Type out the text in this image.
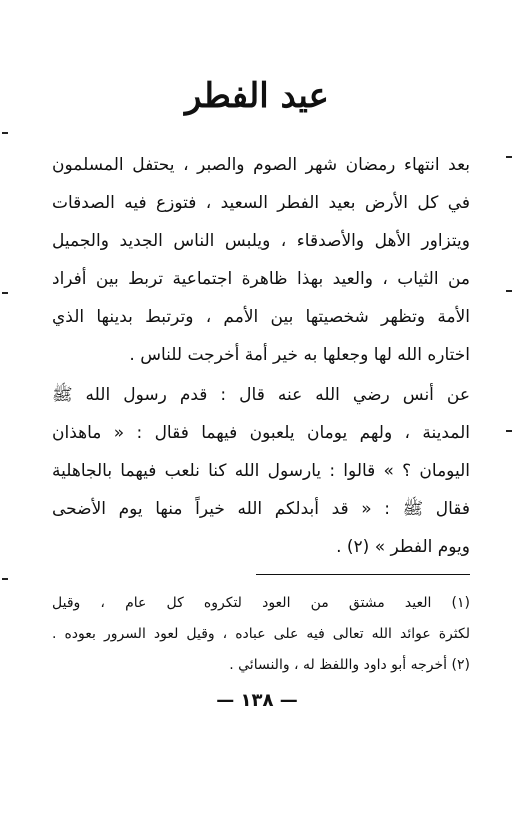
عيد الفطر
بعد انتهاء رمضان شهر الصوم والصبر ، يحتفل المسلمون
في كل الأرض بعيد الفطر السعيد ، فتوزع فيه الصدقات
ويتزاور الأهل والأصدقاء ، ويلبس الناس الجديد والجميل
من الثياب ، والعيد بهذا ظاهرة اجتماعية تربط بين أفراد
الأمة وتظهر شخصيتها بين الأمم ، وترتبط بدينها الذي
اختاره الله لها وجعلها به خير أمة أخرجت للناس .
عن أنس رضي الله عنه قال : قدم رسول الله ﷺ
المدينة ، ولهم يومان يلعبون فيهما فقال : « ماهذان
اليومان ؟ » قالوا : يارسول الله كنا نلعب فيهما بالجاهلية
فقال ﷺ : « قد أبدلكم الله خيراً منها يوم الأضحى
ويوم الفطر » (٢) .
(١) العيد مشتق من العود لتكروه كل عام ، وقيل
لكثرة عوائد الله تعالى فيه على عباده ، وقيل لعود السرور بعوده .
(٢) أخرجه أبو داود واللفظ له ، والنسائي .
— ١٣٨ —
